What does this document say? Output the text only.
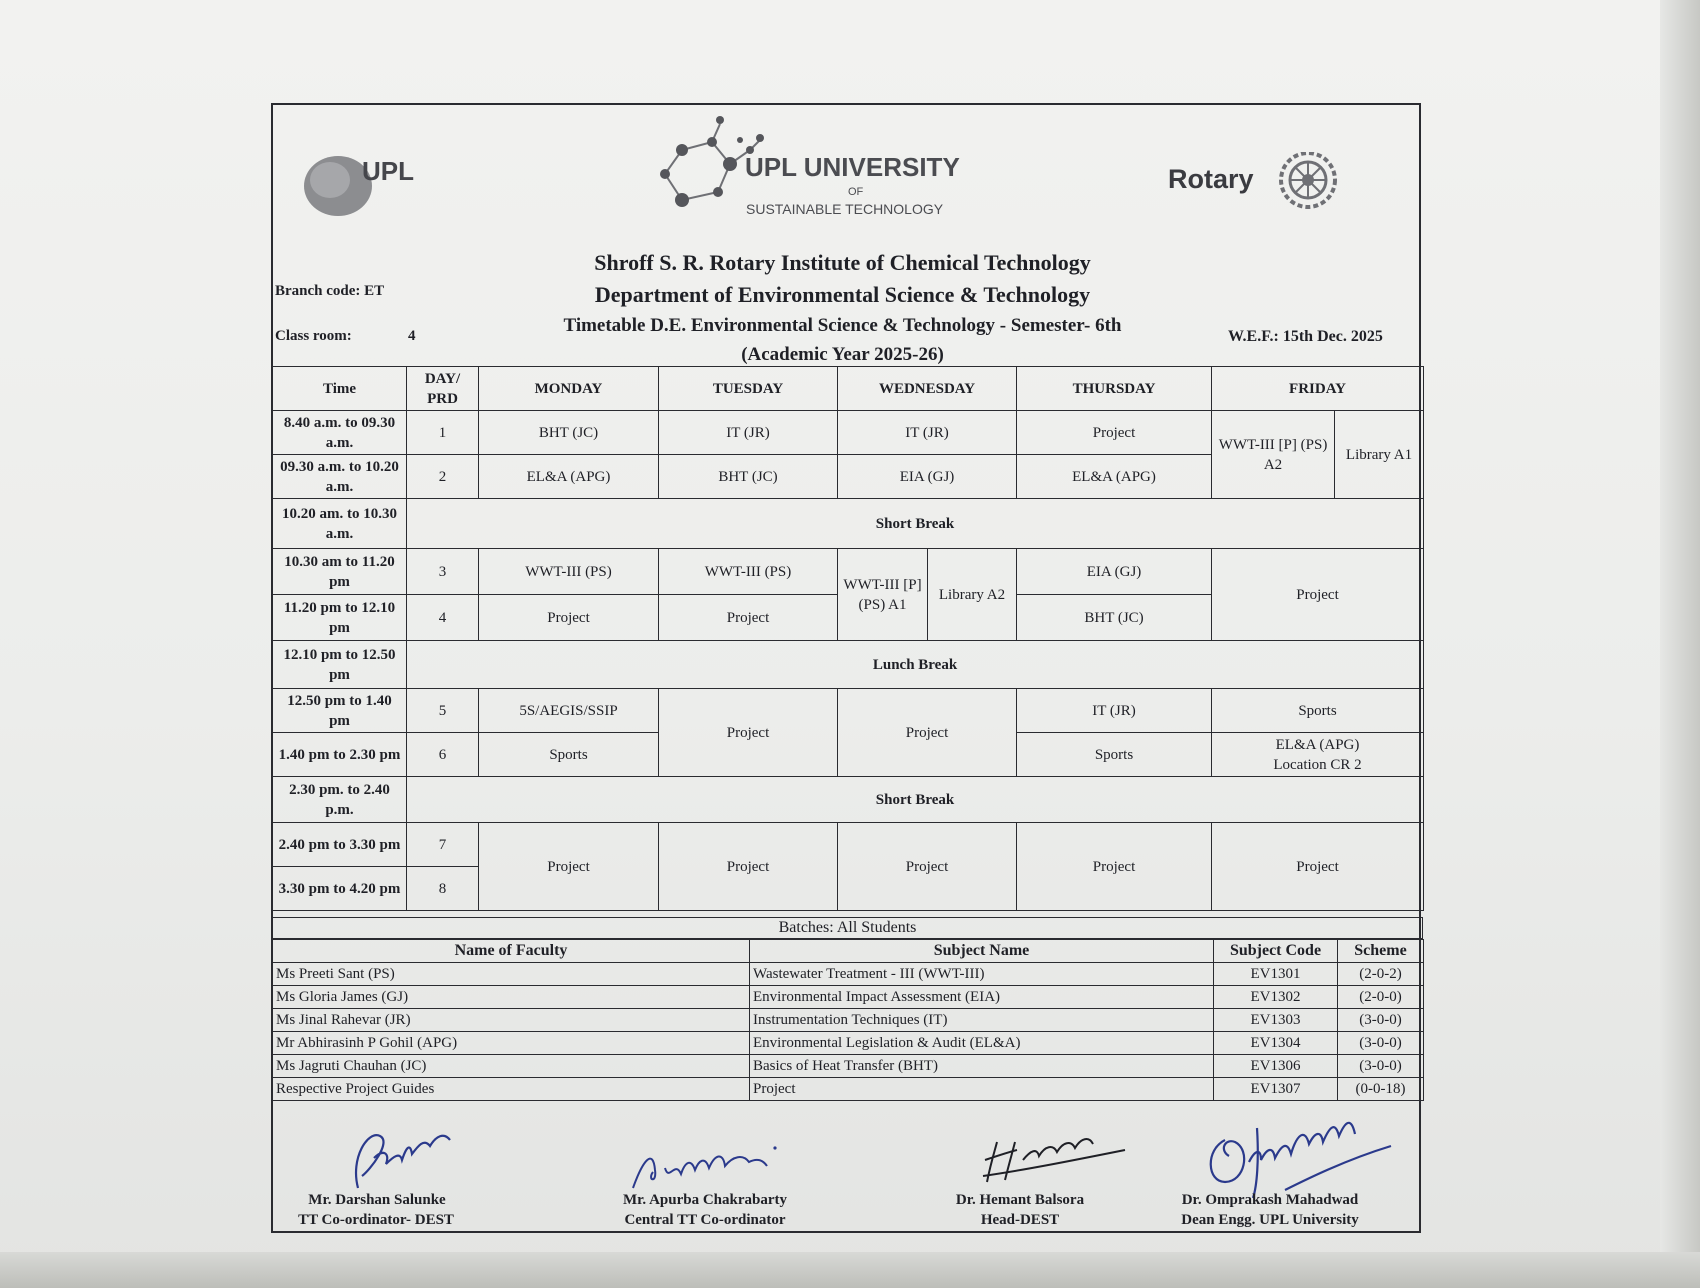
UPL	UPL UNIVERSITY
OF
SUSTAINABLE TECHNOLOGY
Rotary
Shroff S. R. Rotary Institute of Chemical Technology
Department of Environmental Science & Technology
Timetable D.E. Environmental Science & Technology - Semester- 6th
(Academic Year 2025-26)
Branch code: ET
Class room:	4	W.E.F.: 15th Dec. 2025
Time	DAY/ PRD	MONDAY	TUESDAY	WEDNESDAY		THURSDAY	FRIDAY	
8.40 a.m. to 09.30 a.m.	1	BHT (JC)	IT (JR)	IT (JR)		Project	WWT-III [P] (PS) A2	Library A1
09.30 a.m. to 10.20 a.m.	2	EL&A (APG)	BHT (JC)	EIA (GJ)		EL&A (APG)		
10.20 am. to 10.30 a.m.	Short Break							
10.30 am to 11.20 pm	3	WWT-III (PS)	WWT-III (PS)	WWT-III [P] (PS) A1	Library A2	EIA (GJ)	Project	
11.20 pm to 12.10 pm	4	Project	Project			BHT (JC)		
12.10 pm to 12.50 pm	Lunch Break							
12.50 pm to 1.40 pm	5	5S/AEGIS/SSIP	Project	Project		IT (JR)	Sports	
1.40 pm to 2.30 pm	6	Sports				Sports	EL&A (APG)
Location CR 2	

2.30 pm. to 2.40 p.m.	Short Break							
2.40 pm to 3.30 pm	7	Project	Project	Project		Project	Project	
3.30 pm to 4.20 pm	8							
Batches: All Students
Name of Faculty	Subject Name	Subject Code	Scheme
Ms Preeti Sant (PS)	Wastewater Treatment - III (WWT-III)	EV1301	(2-0-2)
Ms Gloria James (GJ)	Environmental Impact Assessment (EIA)	EV1302	(2-0-0)
Ms Jinal Rahevar (JR)	Instrumentation Techniques (IT)	EV1303	(3-0-0)
Mr Abhirasinh P Gohil (APG)	Environmental Legislation & Audit (EL&A)	EV1304	(3-0-0)
Ms Jagruti Chauhan (JC)	Basics of Heat Transfer (BHT)	EV1306	(3-0-0)
Respective Project Guides	Project	EV1307	(0-0-18)
Mr. Darshan Salunke
TT Co-ordinator- DEST
Mr. Apurba Chakrabarty
Central TT Co-ordinator
Dr. Hemant Balsora
Head-DEST
Dr. Omprakash Mahadwad
Dean Engg. UPL University
